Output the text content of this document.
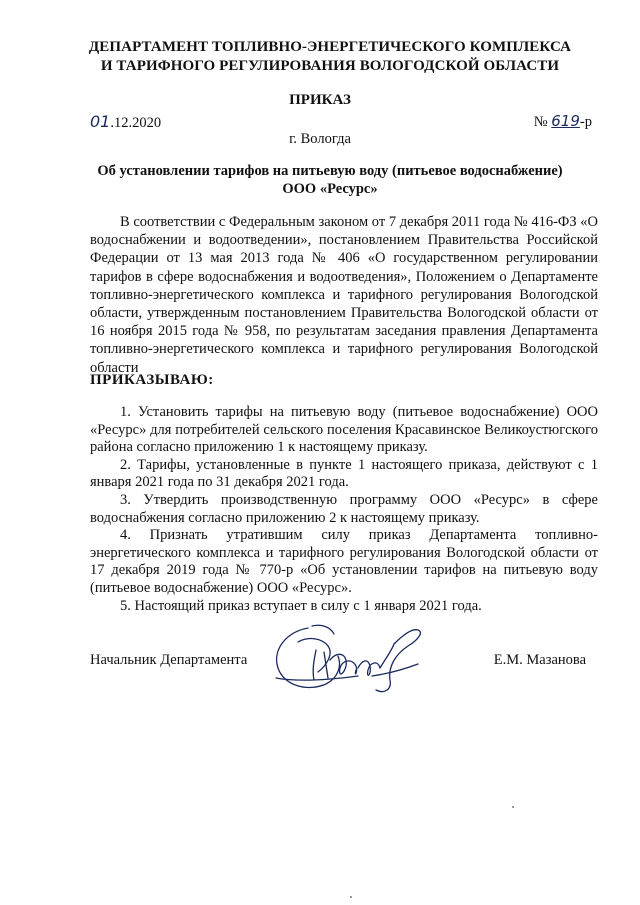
ДЕПАРТАМЕНТ ТОПЛИВНО-ЭНЕРГЕТИЧЕСКОГО КОМПЛЕКСА
И ТАРИФНОГО РЕГУЛИРОВАНИЯ ВОЛОГОДСКОЙ ОБЛАСТИ
ПРИКАЗ
01.12.2020	№ 619-р
г. Вологда
Об установлении тарифов на питьевую воду (питьевое водоснабжение)
ООО «Ресурс»

В соответствии с Федеральным законом от 7 декабря 2011 года № 416-ФЗ «О водоснабжении и водоотведении», постановлением Правительства Российской Федерации от 13 мая 2013 года № 406 «О государственном регулировании тарифов в сфере водоснабжения и водоотведения», Положением о Департаменте топливно-энергетического комплекса и тарифного регулирования Вологодской области, утвержденным постановлением Правительства Вологодской области от 16 ноября 2015 года № 958, по результатам заседания правления Департамента топливно-энергетического комплекса и тарифного регулирования Вологодской области

ПРИКАЗЫВАЮ:
1. Установить тарифы на питьевую воду (питьевое водоснабжение) ООО «Ресурс» для потребителей сельского поселения Красавинское Великоустюгского района согласно приложению 1 к настоящему приказу.
2. Тарифы, установленные в пункте 1 настоящего приказа, действуют с 1 января 2021 года по 31 декабря 2021 года.
3. Утвердить производственную программу ООО «Ресурс» в сфере водоснабжения согласно приложению 2 к настоящему приказу.
4. Признать утратившим силу приказ Департамента топливно-энергетического комплекса и тарифного регулирования Вологодской области от 17 декабря 2019 года № 770-р «Об установлении тарифов на питьевую воду (питьевое водоснабжение) ООО «Ресурс».
5. Настоящий приказ вступает в силу с 1 января 2021 года.
Начальник Департамента	Е.М. Мазанова
